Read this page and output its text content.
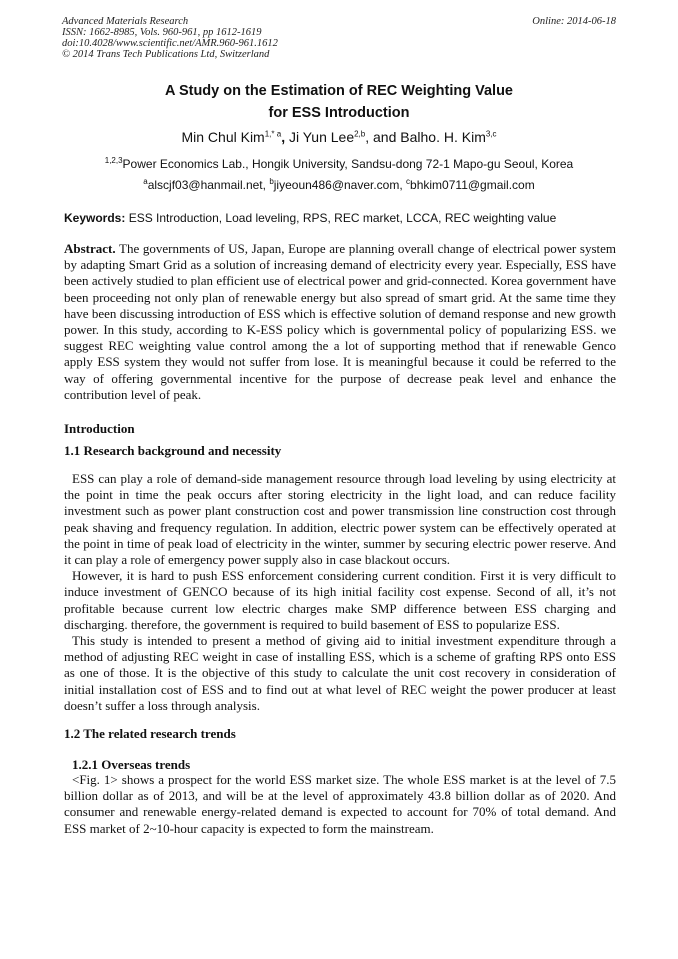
Advanced Materials Research
ISSN: 1662-8985, Vols. 960-961, pp 1612-1619
doi:10.4028/www.scientific.net/AMR.960-961.1612
© 2014 Trans Tech Publications Ltd, Switzerland
Online: 2014-06-18
A Study on the Estimation of REC Weighting Value
for ESS Introduction
Min Chul Kim$^{1,* a}$, Ji Yun Lee$^{2,b}$, and Balho. H. Kim$^{3,c}$
$^{1,2,3}$Power Economics Lab., Hongik University, Sandsu-dong 72-1 Mapo-gu Seoul, Korea
$^a$alscjf03@hanmail.net, $^b$jiyeoun486@naver.com, $^c$bhkim0711@gmail.com
Keywords: ESS Introduction, Load leveling, RPS, REC market, LCCA, REC weighting value
Abstract. The governments of US, Japan, Europe are planning overall change of electrical power system by adapting Smart Grid as a solution of increasing demand of electricity every year. Especially, ESS have been actively studied to plan efficient use of electrical power and grid-connected. Korea government have been proceeding not only plan of renewable energy but also spread of smart grid. At the same time they have been discussing introduction of ESS which is effective solution of demand response and new growth power. In this study, according to K-ESS policy which is governmental policy of popularizing ESS. we suggest REC weighting value control among the a lot of supporting method that if renewable Genco apply ESS system they would not suffer from lose. It is meaningful because it could be referred to the way of offering governmental incentive for the purpose of decrease peak level and enhance the contribution level of peak.
Introduction
1.1 Research background and necessity

ESS can play a role of demand-side management resource through load leveling by using electricity at the point in time the peak occurs after storing electricity in the light load, and can reduce facility investment such as power plant construction cost and power transmission line construction cost through peak shaving and frequency regulation. In addition, electric power system can be effectively operated at the point in time of peak load of electricity in the winter, summer by securing electric power reserve. And it can play a role of emergency power supply also in case blackout occurs.

However, it is hard to push ESS enforcement considering current condition. First it is very difficult to induce investment of GENCO because of its high initial facility cost expense. Second of all, it’s not profitable because current low electric charges make SMP difference between ESS charging and discharging. therefore, the government is required to build basement of ESS to popularize ESS.

This study is intended to present a method of giving aid to initial investment expenditure through a method of adjusting REC weight in case of installing ESS, which is a scheme of grafting RPS onto ESS as one of those. It is the objective of this study to calculate the unit cost recovery in consideration of initial installation cost of ESS and to find out at what level of REC weight the power producer at least doesn’t suffer a loss through analysis.

1.2 The related research trends
1.2.1 Overseas trends

<Fig. 1> shows a prospect for the world ESS market size. The whole ESS market is at the level of 7.5 billion dollar as of 2013, and will be at the level of approximately 43.8 billion dollar as of 2020. And consumer and renewable energy-related demand is expected to account for 70% of total demand. And ESS market of 2~10-hour capacity is expected to form the mainstream.
